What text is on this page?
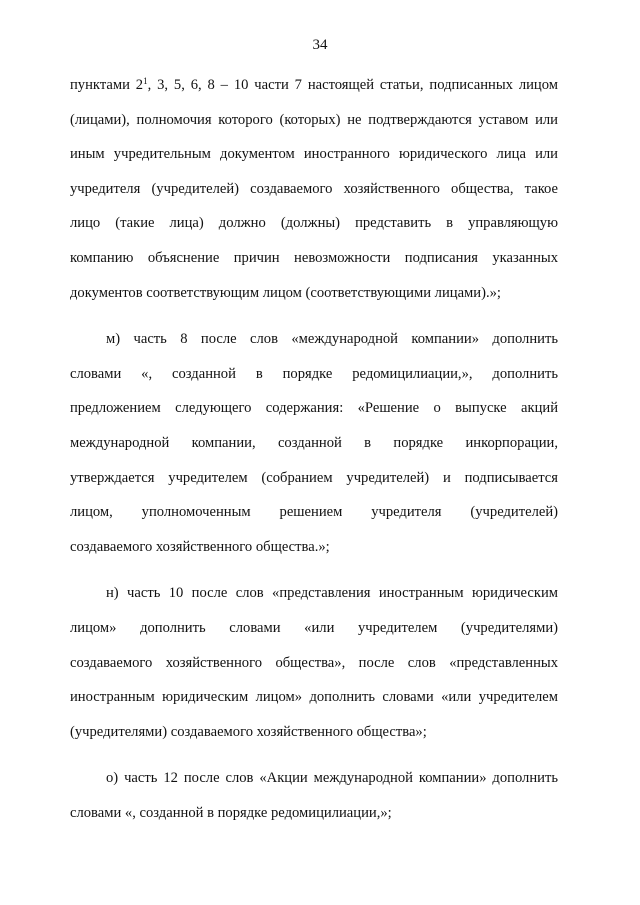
34
пунктами $2^1$, 3, 5, 6, 8 – 10 части 7 настоящей статьи, подписанных лицом
(лицами), полномочия которого (которых) не подтверждаются уставом или
иным учредительным документом иностранного юридического лица или
учредителя (учредителей) создаваемого хозяйственного общества, такое
лицо (такие лица) должно (должны) представить в управляющую
компанию объяснение причин невозможности подписания указанных
документов соответствующим лицом (соответствующими лицами).»;
м) часть 8 после слов «международной компании» дополнить
словами «, созданной в порядке редомицилиации,», дополнить
предложением следующего содержания: «Решение о выпуске акций
международной компании, созданной в порядке инкорпорации,
утверждается учредителем (собранием учредителей) и подписывается
лицом, уполномоченным решением учредителя (учредителей)
создаваемого хозяйственного общества.»;
н) часть 10 после слов «представления иностранным юридическим
лицом» дополнить словами «или учредителем (учредителями)
создаваемого хозяйственного общества», после слов «представленных
иностранным юридическим лицом» дополнить словами «или учредителем
(учредителями) создаваемого хозяйственного общества»;
о) часть 12 после слов «Акции международной компании» дополнить
словами «, созданной в порядке редомицилиации,»;
